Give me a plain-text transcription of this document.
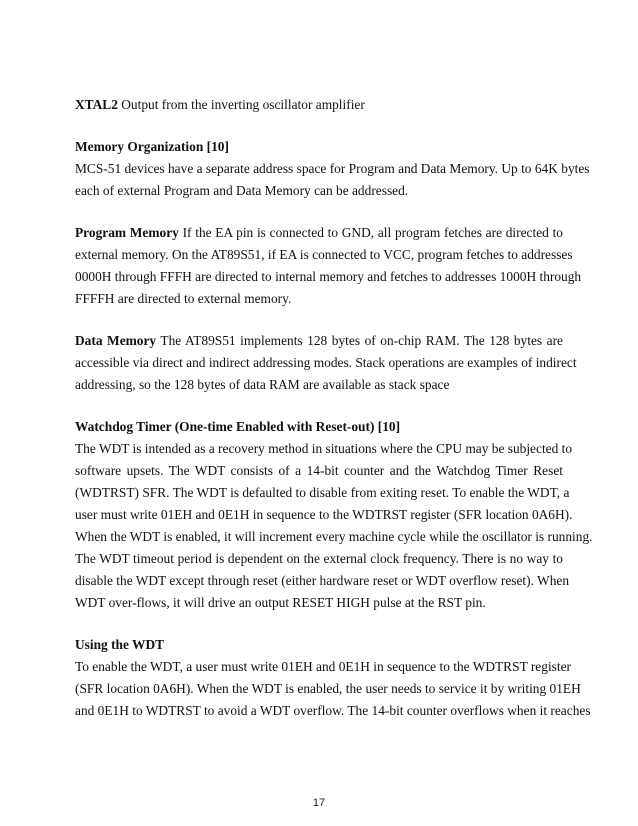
XTAL2 Output from the inverting oscillator amplifier
Memory Organization [10]
MCS-51 devices have a separate address space for Program and Data Memory. Up to 64K bytes
each of external Program and Data Memory can be addressed.
Program Memory If the EA pin is connected to GND, all program fetches are directed to
external memory. On the AT89S51, if EA is connected to VCC, program fetches to addresses
0000H through FFFH are directed to internal memory and fetches to addresses 1000H through
FFFFH are directed to external memory.
Data Memory The AT89S51 implements 128 bytes of on-chip RAM. The 128 bytes are
accessible via direct and indirect addressing modes. Stack operations are examples of indirect
addressing, so the 128 bytes of data RAM are available as stack space
Watchdog Timer (One-time Enabled with Reset-out) [10]
The WDT is intended as a recovery method in situations where the CPU may be subjected to
software upsets. The WDT consists of a 14-bit counter and the Watchdog Timer Reset
(WDTRST) SFR. The WDT is defaulted to disable from exiting reset. To enable the WDT, a
user must write 01EH and 0E1H in sequence to the WDTRST register (SFR location 0A6H).
When the WDT is enabled, it will increment every machine cycle while the oscillator is running.
The WDT timeout period is dependent on the external clock frequency. There is no way to
disable the WDT except through reset (either hardware reset or WDT overflow reset). When
WDT over-flows, it will drive an output RESET HIGH pulse at the RST pin.
Using the WDT
To enable the WDT, a user must write 01EH and 0E1H in sequence to the WDTRST register
(SFR location 0A6H). When the WDT is enabled, the user needs to service it by writing 01EH
and 0E1H to WDTRST to avoid a WDT overflow. The 14-bit counter overflows when it reaches
17
